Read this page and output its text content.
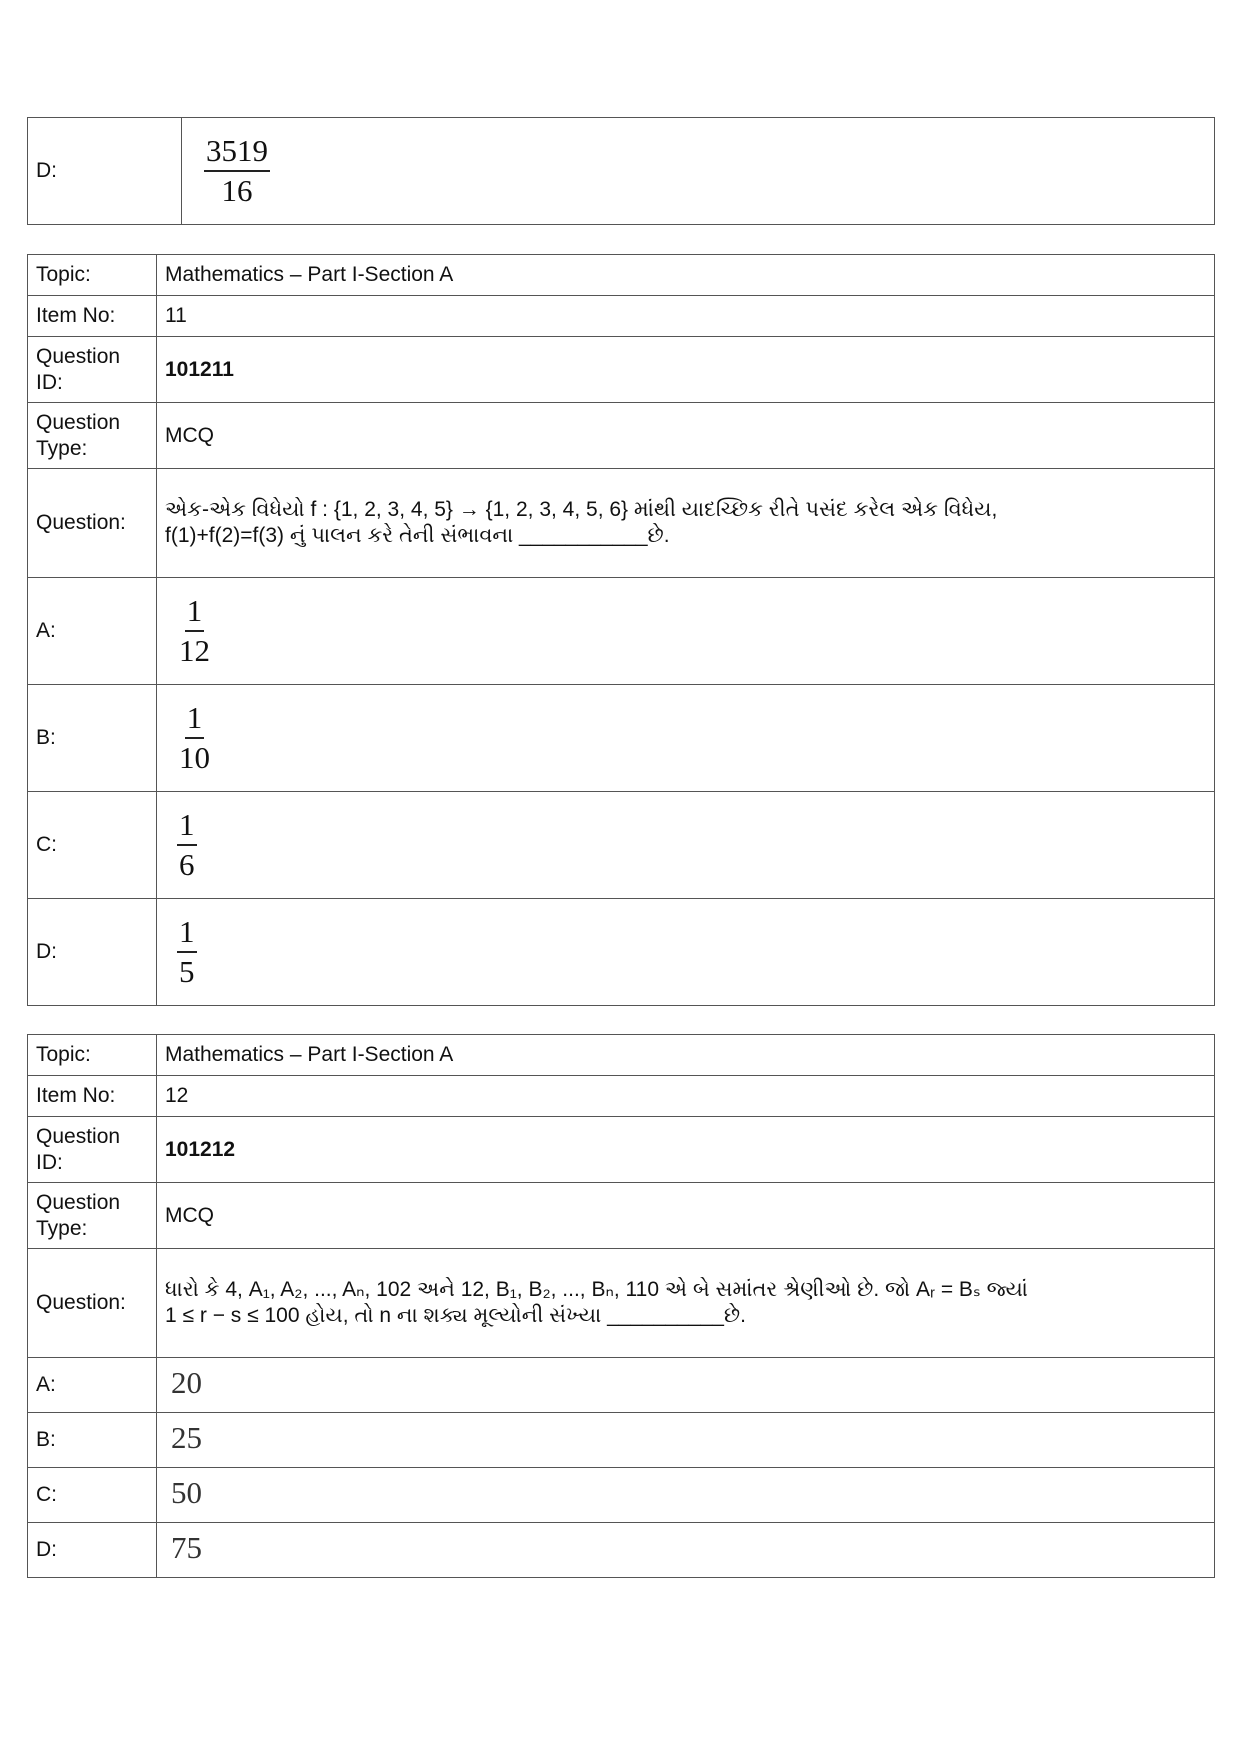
D:	$\frac{3519}{16}$
Topic:	Mathematics – Part I-Section A
Item No:	11
Question ID:	101211
Question Type:	MCQ
Question:	એક-એક વિધેયો f : {1, 2, 3, 4, 5} → {1, 2, 3, 4, 5, 6} માંથી યાદચ્છિક રીતે પસંદ કરેલ એક વિધેય,
f(1)+f(2)=f(3) નું પાલન કરે તેની સંભાવના ___________છે.

A:	$\frac{1}{12}$

B:	$\frac{1}{10}$

C:	$\frac{1}{6}$

D:	$\frac{1}{5}$
Topic:	Mathematics – Part I-Section A
Item No:	12
Question ID:	101212
Question Type:	MCQ
Question:	ધારો કે 4, A₁, A₂, ..., Aₙ, 102 અને 12, B₁, B₂, ..., Bₙ, 110 એ બે સમાંતર શ્રેણીઓ છે. જો Aᵣ = Bₛ જ્યાં
1 ≤ r − s ≤ 100 હોય, તો n ના શક્ય મૂલ્યોની સંખ્યા __________છે.

A:	20
B:	25
C:	50
D:	75
